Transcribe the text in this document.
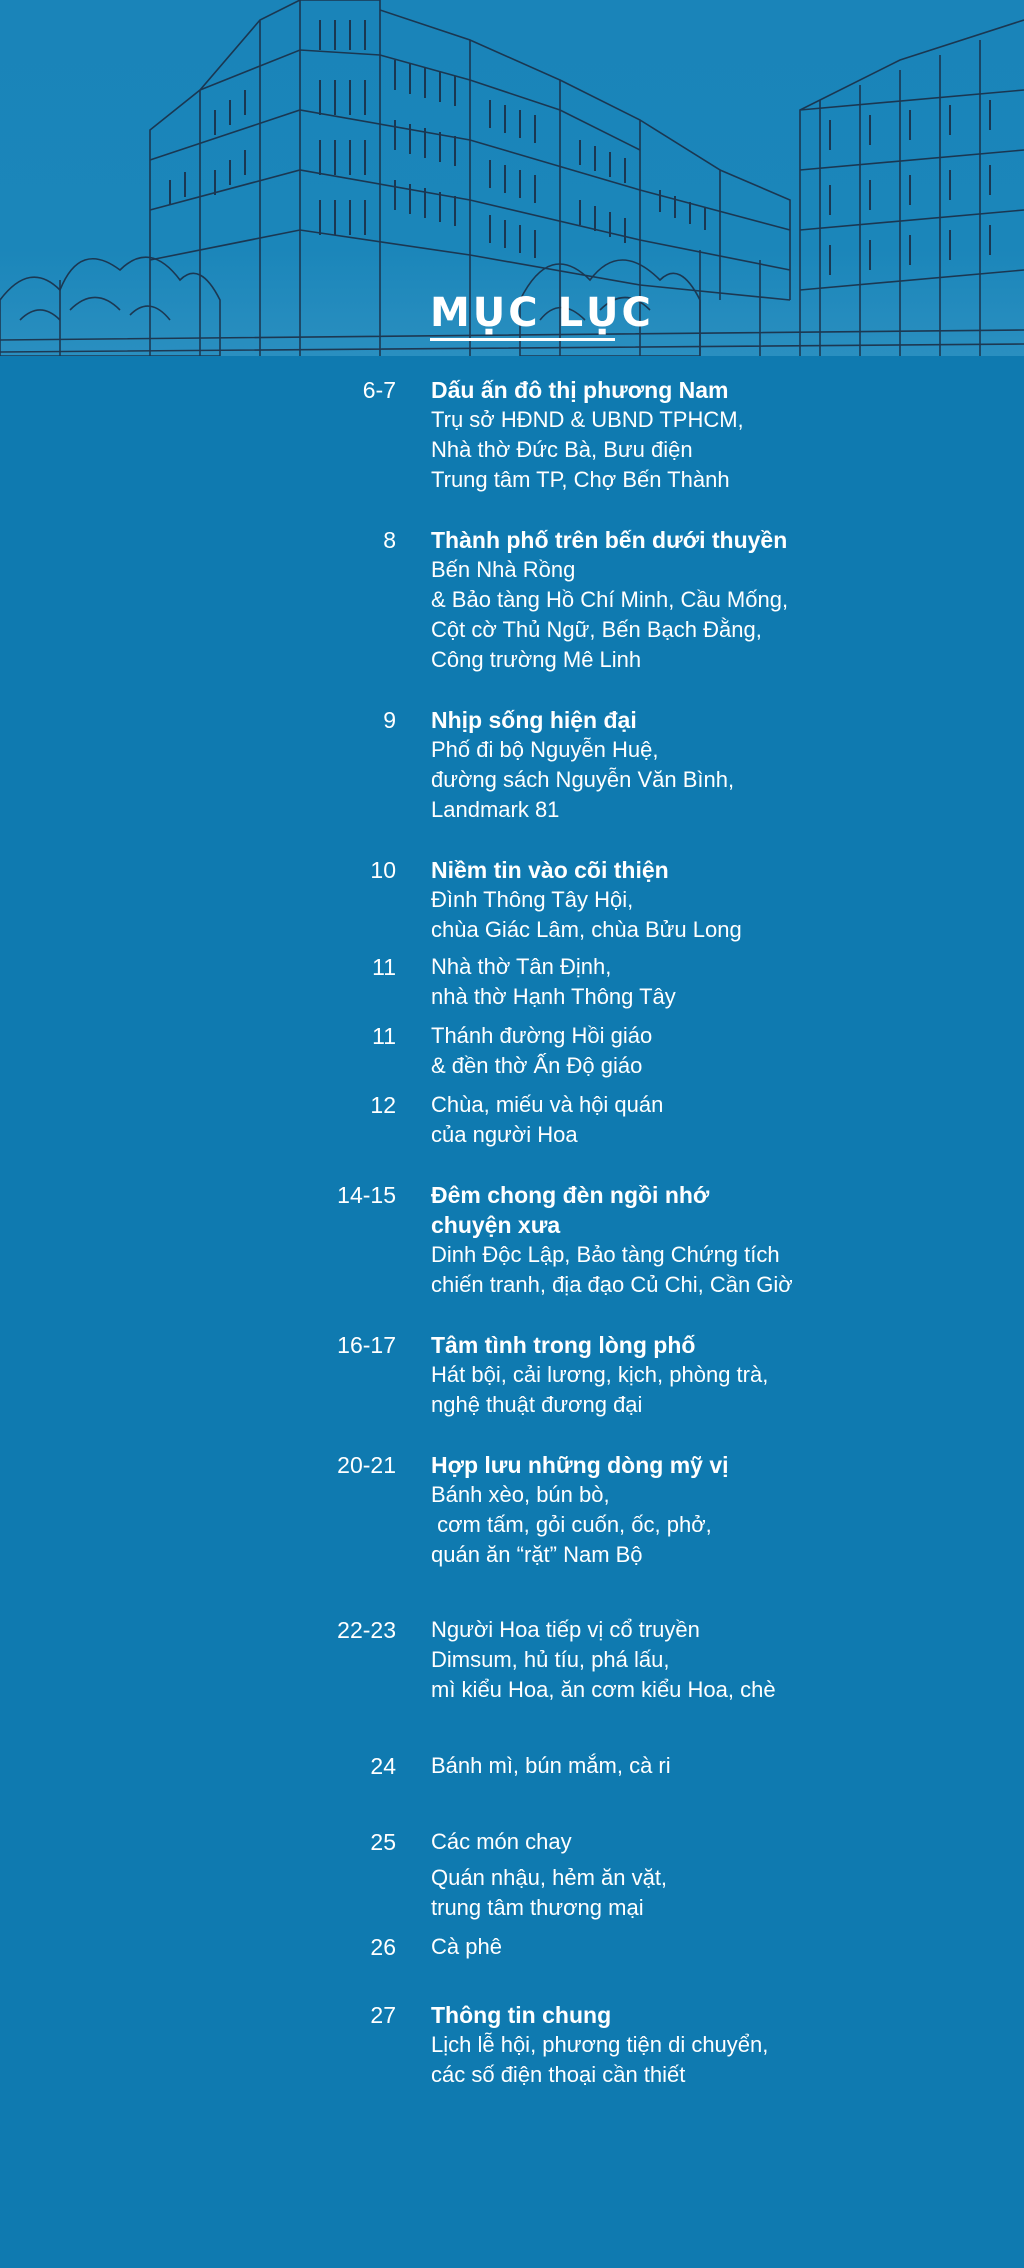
MỤC LỤC
6-7 Dấu ấn đô thị phương Nam
Trụ sở HĐND & UBND TPHCM,
Nhà thờ Đức Bà, Bưu điện
Trung tâm TP, Chợ Bến Thành
8 Thành phố trên bến dưới thuyền
Bến Nhà Rồng
& Bảo tàng Hồ Chí Minh, Cầu Mống,
Cột cờ Thủ Ngữ, Bến Bạch Đằng,
Công trường Mê Linh
9 Nhịp sống hiện đại
Phố đi bộ Nguyễn Huệ,
đường sách Nguyễn Văn Bình,
Landmark 81
10 Niềm tin vào cõi thiện
Đình Thông Tây Hội,
chùa Giác Lâm, chùa Bửu Long
11 Nhà thờ Tân Định,
nhà thờ Hạnh Thông Tây
11 Thánh đường Hồi giáo
& đền thờ Ấn Độ giáo
12 Chùa, miếu và hội quán
của người Hoa
14-15 Đêm chong đèn ngồi nhớ
chuyện xưa
Dinh Độc Lập, Bảo tàng Chứng tích
chiến tranh, địa đạo Củ Chi, Cần Giờ
16-17 Tâm tình trong lòng phố
Hát bội, cải lương, kịch, phòng trà,
nghệ thuật đương đại
20-21 Hợp lưu những dòng mỹ vị
Bánh xèo, bún bò,
cơm tấm, gỏi cuốn, ốc, phở,
quán ăn “rặt” Nam Bộ
22-23 Người Hoa tiếp vị cổ truyền
Dimsum, hủ tíu, phá lấu,
mì kiểu Hoa, ăn cơm kiểu Hoa, chè
24 Bánh mì, bún mắm, cà ri
25 Các món chay
Quán nhậu, hẻm ăn vặt,
trung tâm thương mại
26 Cà phê
27 Thông tin chung
Lịch lễ hội, phương tiện di chuyển,
các số điện thoại cần thiết
